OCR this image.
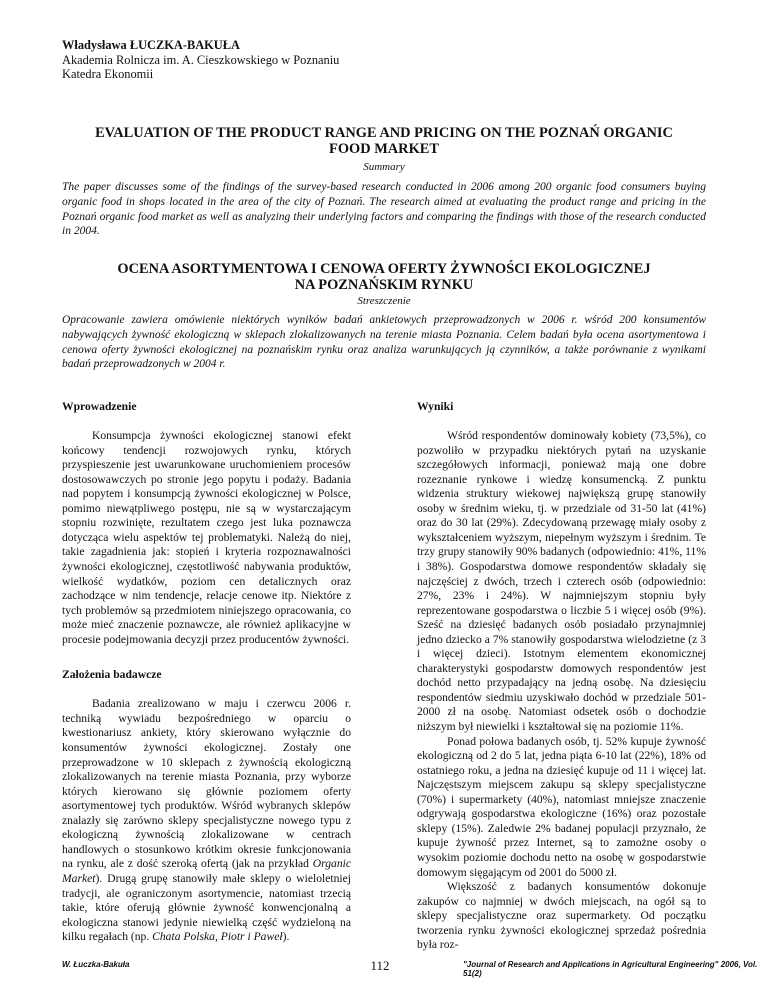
Władysława ŁUCZKA-BAKUŁA
Akademia Rolnicza im. A. Cieszkowskiego w Poznaniu
Katedra Ekonomii
EVALUATION OF THE PRODUCT RANGE AND PRICING ON THE POZNAŃ ORGANIC
FOOD MARKET
Summary
The paper discusses some of the findings of the survey-based research conducted in 2006 among 200 organic food consumers buying organic food in shops located in the area of the city of Poznań. The research aimed at evaluating the product range and pricing in the Poznań organic food market as well as analyzing their underlying factors and comparing the findings with those of the research conducted in 2004.
OCENA ASORTYMENTOWA I CENOWA OFERTY ŻYWNOŚCI EKOLOGICZNEJ
NA POZNAŃSKIM RYNKU
Streszczenie
Opracowanie zawiera omówienie niektórych wyników badań ankietowych przeprowadzonych w 2006 r. wśród 200 konsumentów nabywających żywność ekologiczną w sklepach zlokalizowanych na terenie miasta Poznania. Celem badań była ocena asortymentowa i cenowa oferty żywności ekologicznej na poznańskim rynku oraz analiza warunkujących ją czynników, a także porównanie z wynikami badań przeprowadzonych w 2004 r.
Wprowadzenie

Konsumpcja żywności ekologicznej stanowi efekt końcowy tendencji rozwojowych rynku, których przyspieszenie jest uwarunkowane uruchomieniem procesów dostosowawczych po stronie jego popytu i podaży. Badania nad popytem i konsumpcją żywności ekologicznej w Polsce, pomimo niewątpliwego postępu, nie są w wystarczającym stopniu rozwinięte, rezultatem czego jest luka poznawcza dotycząca wielu aspektów tej problematyki. Należą do niej, takie zagadnienia jak: stopień i kryteria rozpoznawalności żywności ekologicznej, częstotliwość nabywania produktów, wielkość wydatków, poziom cen detalicznych oraz zachodzące w nim tendencje, relacje cenowe itp. Niektóre z tych problemów są przedmiotem niniejszego opracowania, co może mieć znaczenie poznawcze, ale również aplikacyjne w procesie podejmowania decyzji przez producentów żywności.

Założenia badawcze

Badania zrealizowano w maju i czerwcu 2006 r. techniką wywiadu bezpośredniego w oparciu o kwestionariusz ankiety, który skierowano wyłącznie do konsumentów żywności ekologicznej. Zostały one przeprowadzone w 10 sklepach z żywnością ekologiczną zlokalizowanych na terenie miasta Poznania, przy wyborze których kierowano się głównie poziomem oferty asortymentowej tych produktów. Wśród wybranych sklepów znalazły się zarówno sklepy specjalistyczne nowego typu z ekologiczną żywnością zlokalizowane w centrach handlowych o stosunkowo krótkim okresie funkcjonowania na rynku, ale z dość szeroką ofertą (jak na przykład Organic Market). Drugą grupę stanowiły małe sklepy o wieloletniej tradycji, ale ograniczonym asortymencie, natomiast trzecią takie, które oferują głównie żywność konwencjonalną a ekologiczna stanowi jedynie niewielką część wydzieloną na kilku regałach (np. Chata Polska, Piotr i Paweł).

Wyniki

Wśród respondentów dominowały kobiety (73,5%), co pozwoliło w przypadku niektórych pytań na uzyskanie szczegółowych informacji, ponieważ mają one dobre rozeznanie rynkowe i wiedzę konsumencką. Z punktu widzenia struktury wiekowej największą grupę stanowiły osoby w średnim wieku, tj. w przedziale od 31-50 lat (41%) oraz do 30 lat (29%). Zdecydowaną przewagę miały osoby z wykształceniem wyższym, niepełnym wyższym i średnim. Te trzy grupy stanowiły 90% badanych (odpowiednio: 41%, 11% i 38%). Gospodarstwa domowe respondentów składały się najczęściej z dwóch, trzech i czterech osób (odpowiednio: 27%, 23% i 24%). W najmniejszym stopniu były reprezentowane gospodarstwa o liczbie 5 i więcej osób (9%). Sześć na dziesięć badanych osób posiadało przynajmniej jedno dziecko a 7% stanowiły gospodarstwa wielodzietne (z 3 i więcej dzieci). Istotnym elementem ekonomicznej charakterystyki gospodarstw domowych respondentów jest dochód netto przypadający na jedną osobę. Na dziesięciu respondentów siedmiu uzyskiwało dochód w przedziale 501-2000 zł na osobę. Natomiast odsetek osób o dochodzie niższym był niewielki i kształtował się na poziomie 11%.

Ponad połowa badanych osób, tj. 52% kupuje żywność ekologiczną od 2 do 5 lat, jedna piąta 6-10 lat (22%), 18% od ostatniego roku, a jedna na dziesięć kupuje od 11 i więcej lat. Najczęstszym miejscem zakupu są sklepy specjalistyczne (70%) i supermarkety (40%), natomiast mniejsze znaczenie odgrywają gospodarstwa ekologiczne (16%) oraz pozostałe sklepy (15%). Zaledwie 2% badanej populacji przyznało, że kupuje żywność przez Internet, są to zamożne osoby o wysokim poziomie dochodu netto na osobę w gospodarstwie domowym sięgającym od 2001 do 5000 zł.

Większość z badanych konsumentów dokonuje zakupów co najmniej w dwóch miejscach, na ogół są to sklepy specjalistyczne oraz supermarkety. Od początku tworzenia rynku żywności ekologicznej sprzedaż pośrednia była roz-

W. Łuczka-Bakuła	112	"Journal of Research and Applications in Agricultural Engineering" 2006, Vol. 51(2)
